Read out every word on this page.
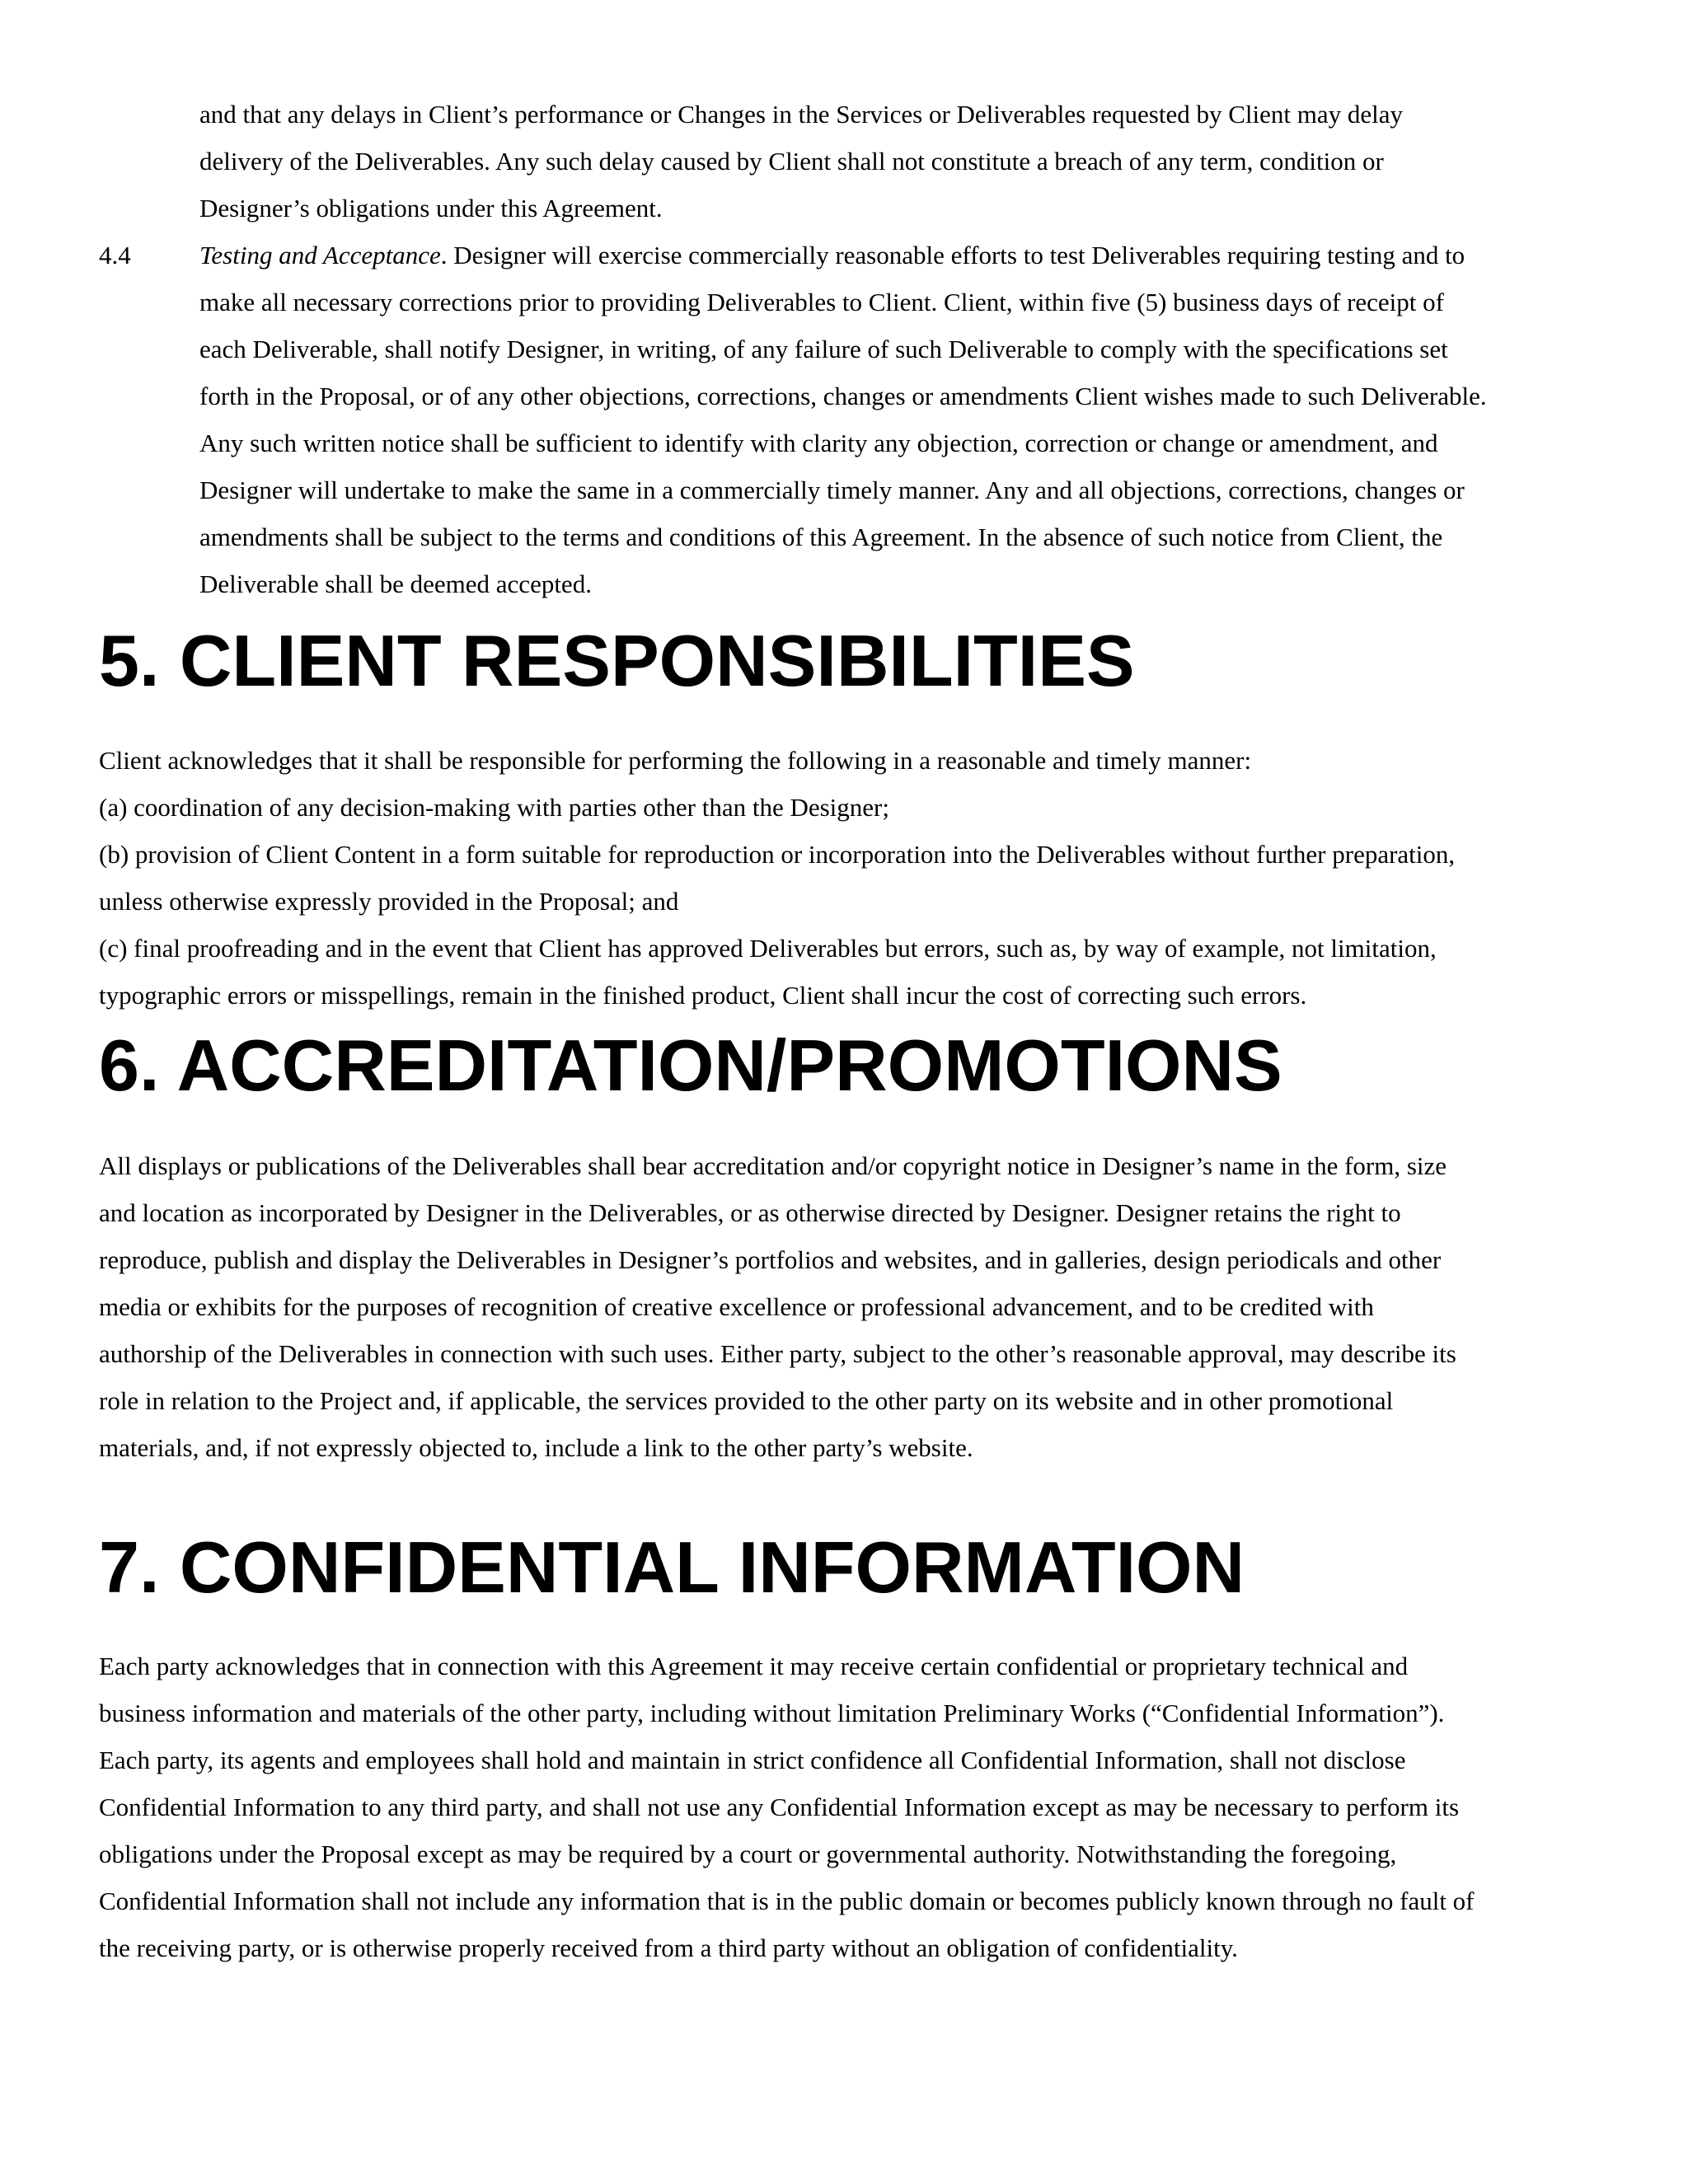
and that any delays in Client’s performance or Changes in the Services or Deliverables requested by Client may delay
delivery of the Deliverables. Any such delay caused by Client shall not constitute a breach of any term, condition or
Designer’s obligations under this Agreement.
4.4	Testing and Acceptance. Designer will exercise commercially reasonable efforts to test Deliverables requiring testing and to
make all necessary corrections prior to providing Deliverables to Client. Client, within five (5) business days of receipt of
each Deliverable, shall notify Designer, in writing, of any failure of such Deliverable to comply with the specifications set
forth in the Proposal, or of any other objections, corrections, changes or amendments Client wishes made to such Deliverable.
Any such written notice shall be sufficient to identify with clarity any objection, correction or change or amendment, and
Designer will undertake to make the same in a commercially timely manner. Any and all objections, corrections, changes or
amendments shall be subject to the terms and conditions of this Agreement. In the absence of such notice from Client, the
Deliverable shall be deemed accepted.
5. CLIENT RESPONSIBILITIES
Client acknowledges that it shall be responsible for performing the following in a reasonable and timely manner:
(a) coordination of any decision-making with parties other than the Designer;
(b) provision of Client Content in a form suitable for reproduction or incorporation into the Deliverables without further preparation,
unless otherwise expressly provided in the Proposal; and
(c) final proofreading and in the event that Client has approved Deliverables but errors, such as, by way of example, not limitation,
typographic errors or misspellings, remain in the finished product, Client shall incur the cost of correcting such errors.
6. ACCREDITATION/PROMOTIONS
All displays or publications of the Deliverables shall bear accreditation and/or copyright notice in Designer’s name in the form, size
and location as incorporated by Designer in the Deliverables, or as otherwise directed by Designer. Designer retains the right to
reproduce, publish and display the Deliverables in Designer’s portfolios and websites, and in galleries, design periodicals and other
media or exhibits for the purposes of recognition of creative excellence or professional advancement, and to be credited with
authorship of the Deliverables in connection with such uses. Either party, subject to the other’s reasonable approval, may describe its
role in relation to the Project and, if applicable, the services provided to the other party on its website and in other promotional
materials, and, if not expressly objected to, include a link to the other party’s website.
7. CONFIDENTIAL INFORMATION
Each party acknowledges that in connection with this Agreement it may receive certain confidential or proprietary technical and
business information and materials of the other party, including without limitation Preliminary Works (“Confidential Information”).
Each party, its agents and employees shall hold and maintain in strict confidence all Confidential Information, shall not disclose
Confidential Information to any third party, and shall not use any Confidential Information except as may be necessary to perform its
obligations under the Proposal except as may be required by a court or governmental authority. Notwithstanding the foregoing,
Confidential Information shall not include any information that is in the public domain or becomes publicly known through no fault of
the receiving party, or is otherwise properly received from a third party without an obligation of confidentiality.
